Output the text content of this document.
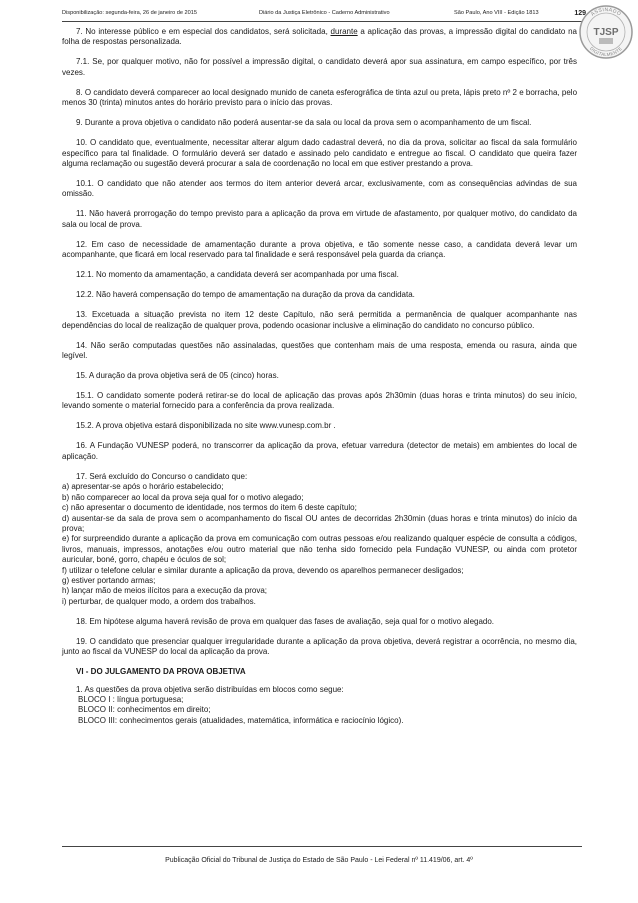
Disponibilização: segunda-feira, 26 de janeiro de 2015	Diário da Justiça Eletrônico - Caderno Administrativo	São Paulo, Ano VIII - Edição 1813	129 ASSINADO
DIGITALMENTE
TJSP

7. No interesse público e em especial dos candidatos, será solicitada, durante a aplicação das provas, a impressão digital do candidato na folha de respostas personalizada.

7.1. Se, por qualquer motivo, não for possível a impressão digital, o candidato deverá apor sua assinatura, em campo específico, por três vezes.

8. O candidato deverá comparecer ao local designado munido de caneta esferográfica de tinta azul ou preta, lápis preto nº 2 e borracha, pelo menos 30 (trinta) minutos antes do horário previsto para o início das provas.

9. Durante a prova objetiva o candidato não poderá ausentar-se da sala ou local da prova sem o acompanhamento de um fiscal.

10. O candidato que, eventualmente, necessitar alterar algum dado cadastral deverá, no dia da prova, solicitar ao fiscal da sala formulário específico para tal finalidade. O formulário deverá ser datado e assinado pelo candidato e entregue ao fiscal. O candidato que queira fazer alguma reclamação ou sugestão deverá procurar a sala de coordenação no local em que estiver prestando a prova.

10.1. O candidato que não atender aos termos do item anterior deverá arcar, exclusivamente, com as consequências advindas de sua omissão.

11. Não haverá prorrogação do tempo previsto para a aplicação da prova em virtude de afastamento, por qualquer motivo, do candidato da sala ou local de prova.

12. Em caso de necessidade de amamentação durante a prova objetiva, e tão somente nesse caso, a candidata deverá levar um acompanhante, que ficará em local reservado para tal finalidade e será responsável pela guarda da criança.

12.1. No momento da amamentação, a candidata deverá ser acompanhada por uma fiscal.

12.2. Não haverá compensação do tempo de amamentação na duração da prova da candidata.

13. Excetuada a situação prevista no item 12 deste Capítulo, não será permitida a permanência de qualquer acompanhante nas dependências do local de realização de qualquer prova, podendo ocasionar inclusive a eliminação do candidato no concurso público.

14. Não serão computadas questões não assinaladas, questões que contenham mais de uma resposta, emenda ou rasura, ainda que legível.

15. A duração da prova objetiva será de 05 (cinco) horas.

15.1. O candidato somente poderá retirar-se do local de aplicação das provas após 2h30min (duas horas e trinta minutos) do seu início, levando somente o material fornecido para a conferência da prova realizada.

15.2. A prova objetiva estará disponibilizada no site www.vunesp.com.br .

16. A Fundação VUNESP poderá, no transcorrer da aplicação da prova, efetuar varredura (detector de metais) em ambientes do local de aplicação.

17. Será excluído do Concurso o candidato que:

a) apresentar-se após o horário estabelecido;

b) não comparecer ao local da prova seja qual for o motivo alegado;

c) não apresentar o documento de identidade, nos termos do item 6 deste capítulo;

d) ausentar-se da sala de prova sem o acompanhamento do fiscal OU antes de decorridas 2h30min (duas horas e trinta minutos) do início da prova;

e) for surpreendido durante a aplicação da prova em comunicação com outras pessoas e/ou realizando qualquer espécie de consulta a códigos, livros, manuais, impressos, anotações e/ou outro material que não tenha sido fornecido pela Fundação VUNESP, ou ainda com protetor auricular, boné, gorro, chapéu e óculos de sol;

f) utilizar o telefone celular e similar durante a aplicação da prova, devendo os aparelhos permanecer desligados;

g) estiver portando armas;

h) lançar mão de meios ilícitos para a execução da prova;

i) perturbar, de qualquer modo, a ordem dos trabalhos.

18. Em hipótese alguma haverá revisão de prova em qualquer das fases de avaliação, seja qual for o motivo alegado.

19. O candidato que presenciar qualquer irregularidade durante a aplicação da prova objetiva, deverá registrar a ocorrência, no mesmo dia, junto ao fiscal da VUNESP do local da aplicação da prova.

VI - DO JULGAMENTO DA PROVA OBJETIVA

1. As questões da prova objetiva serão distribuídas em blocos como segue:

BLOCO I : língua portuguesa;

BLOCO II: conhecimentos em direito;

BLOCO III: conhecimentos gerais (atualidades, matemática, informática e raciocínio lógico).

Publicação Oficial do Tribunal de Justiça do Estado de São Paulo - Lei Federal nº 11.419/06, art. 4º
